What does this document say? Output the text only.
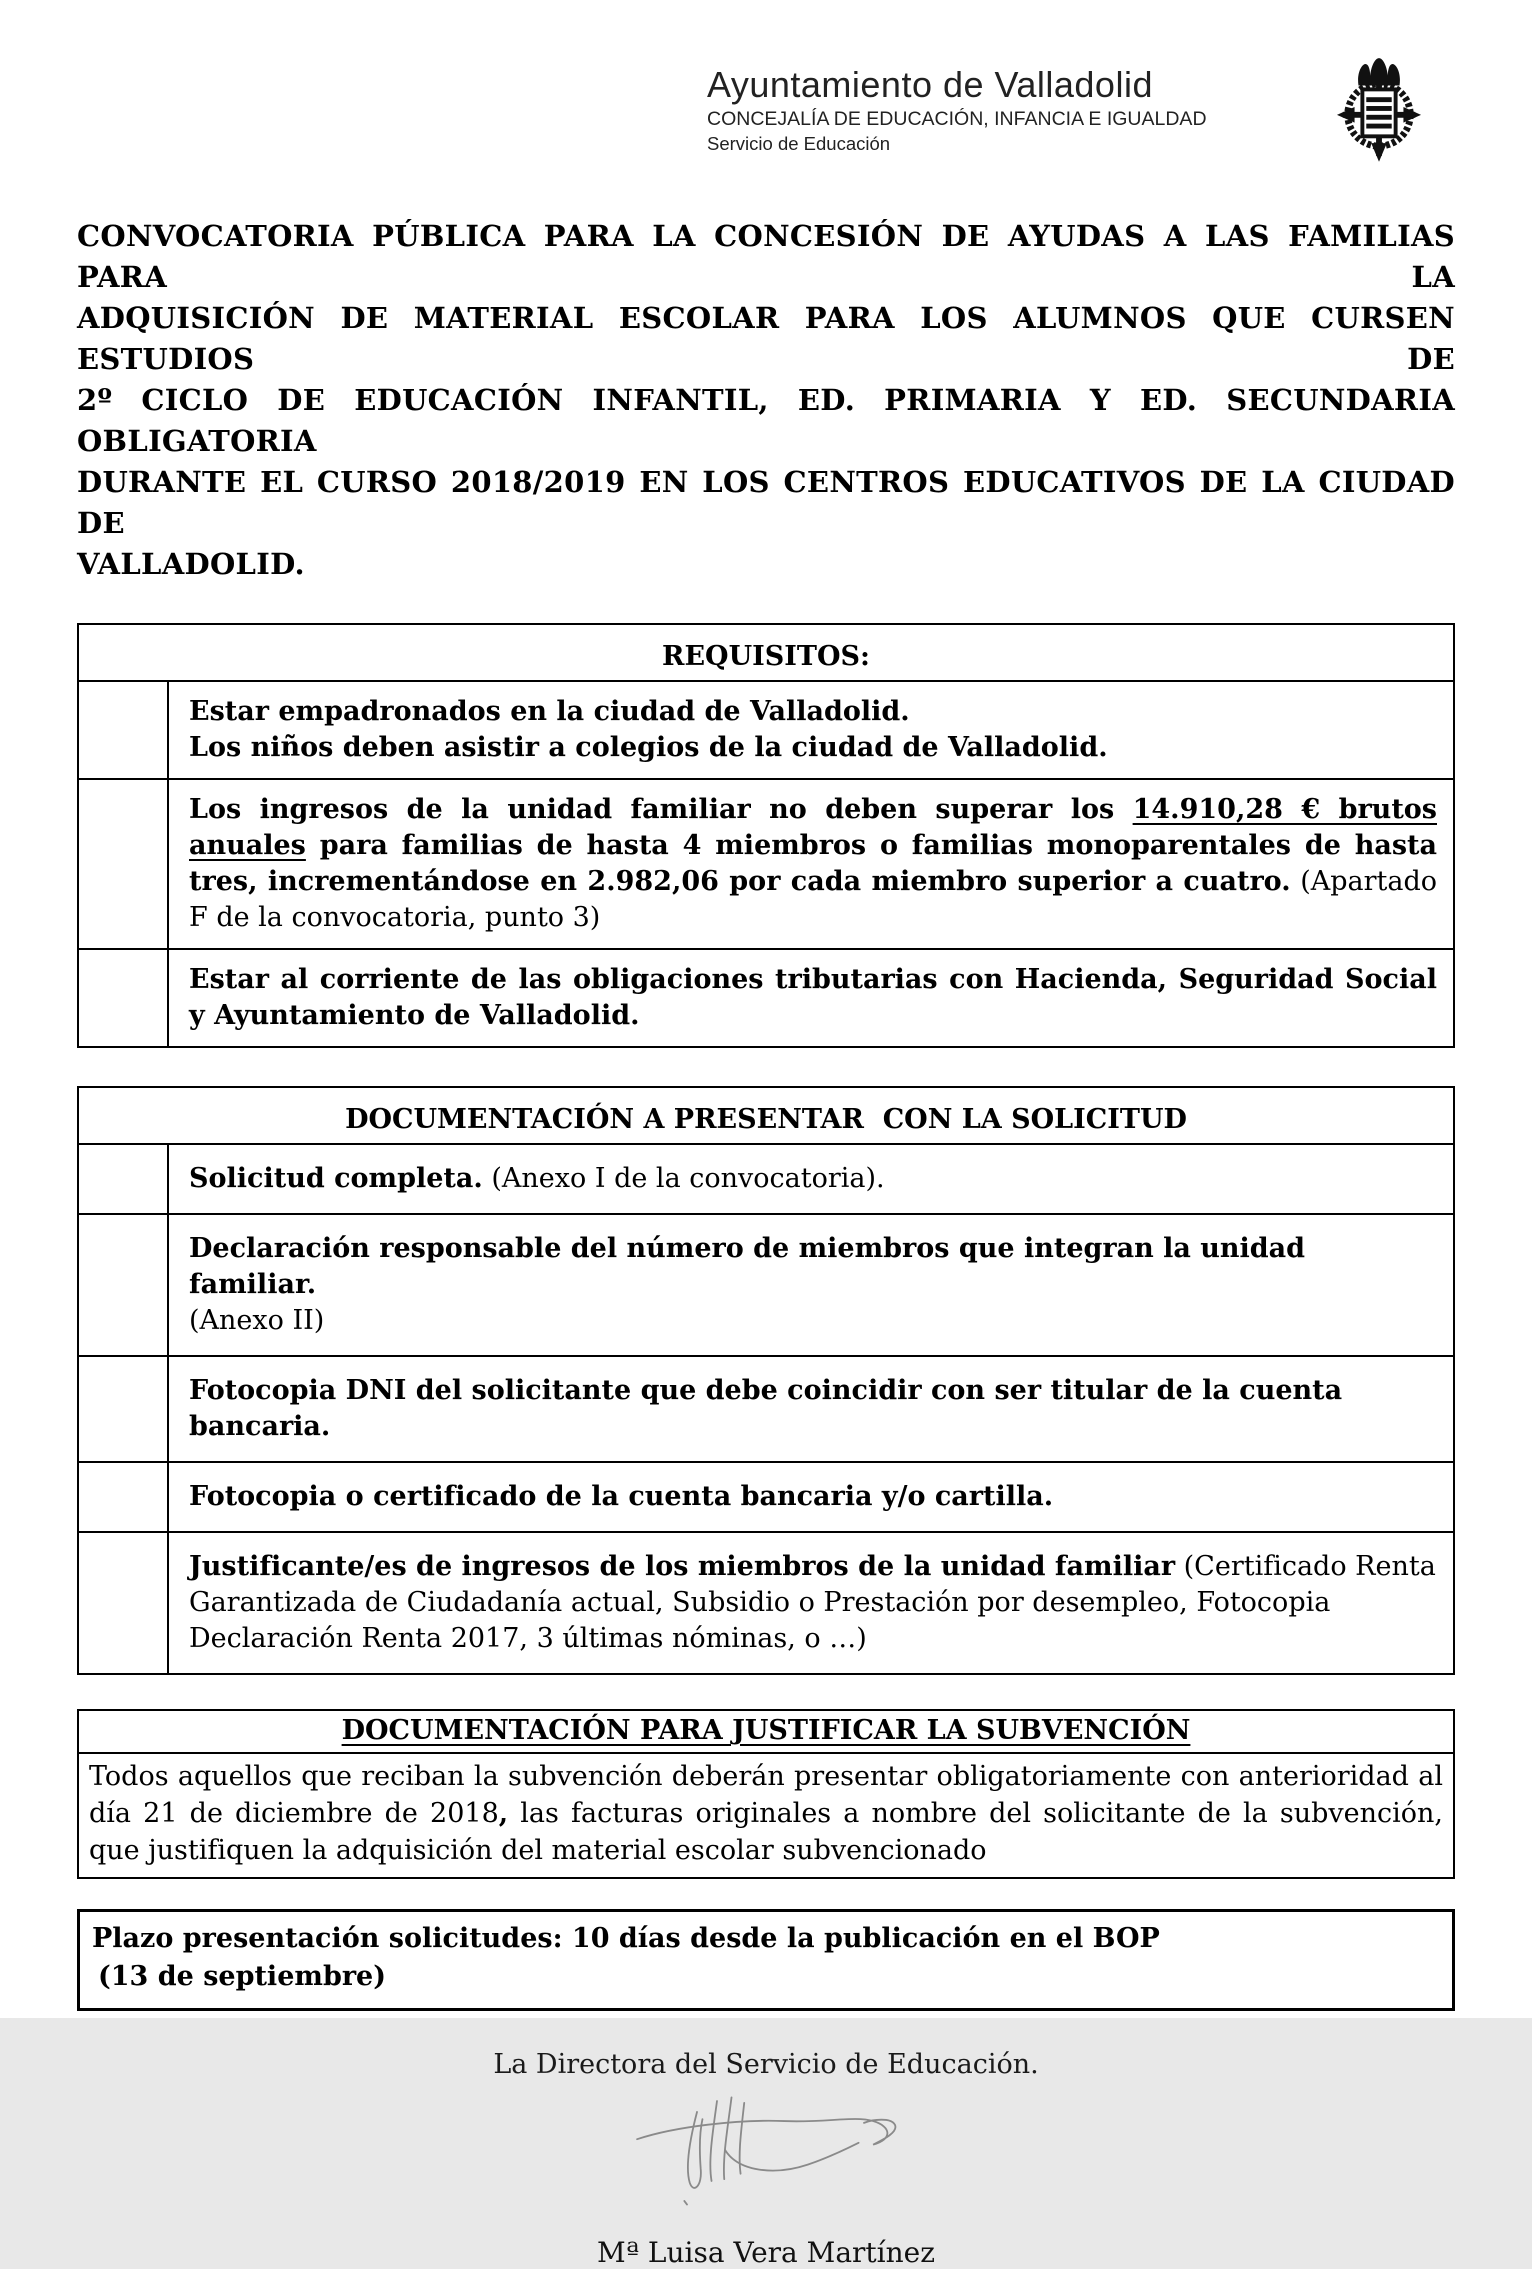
Ayuntamiento de Valladolid
CONCEJALÍA DE EDUCACIÓN, INFANCIA E IGUALDAD
Servicio de Educación
CONVOCATORIA PÚBLICA PARA LA CONCESIÓN DE AYUDAS A LAS FAMILIAS PARA LA
ADQUISICIÓN DE MATERIAL ESCOLAR PARA LOS ALUMNOS QUE CURSEN ESTUDIOS DE
2º CICLO DE EDUCACIÓN INFANTIL, ED. PRIMARIA Y ED. SECUNDARIA OBLIGATORIA
DURANTE EL CURSO 2018/2019 EN LOS CENTROS EDUCATIVOS DE LA CIUDAD DE
VALLADOLID.
REQUISITOS:	

	Estar empadronados en la ciudad de Valladolid.
Los niños deben asistir a colegios de la ciudad de Valladolid.

	Los ingresos de la unidad familiar no deben superar los 14.910,28 € brutos anuales para familias de hasta 4 miembros o familias monoparentales de hasta tres, incrementándose en 2.982,06 por cada miembro superior a cuatro. (Apartado F de la convocatoria, punto 3)
	Estar al corriente de las obligaciones tributarias con Hacienda, Seguridad Social y Ayuntamiento de Valladolid.
DOCUMENTACIÓN A PRESENTAR  CON LA SOLICITUD	
	Solicitud completa. (Anexo I de la convocatoria).
	Declaración responsable del número de miembros que integran la unidad familiar.
(Anexo II)
	Fotocopia DNI del solicitante que debe coincidir con ser titular de la cuenta bancaria.
	Fotocopia o certificado de la cuenta bancaria y/o cartilla.
	Justificante/es de ingresos de los miembros de la unidad familiar (Certificado Renta Garantizada de Ciudadanía actual, Subsidio o Prestación por desempleo, Fotocopia Declaración Renta 2017, 3 últimas nóminas, o …)
DOCUMENTACIÓN PARA JUSTIFICAR LA SUBVENCIÓN
Todos aquellos que reciban la subvención deberán presentar obligatoriamente con anterioridad al día 21 de diciembre de 2018, las facturas originales a nombre del solicitante de la subvención, que justifiquen la adquisición del material escolar subvencionado
Plazo presentación solicitudes: 10 días desde la publicación en el BOP
(13 de septiembre)
La Directora del Servicio de Educación.
Mª Luisa Vera Martínez
